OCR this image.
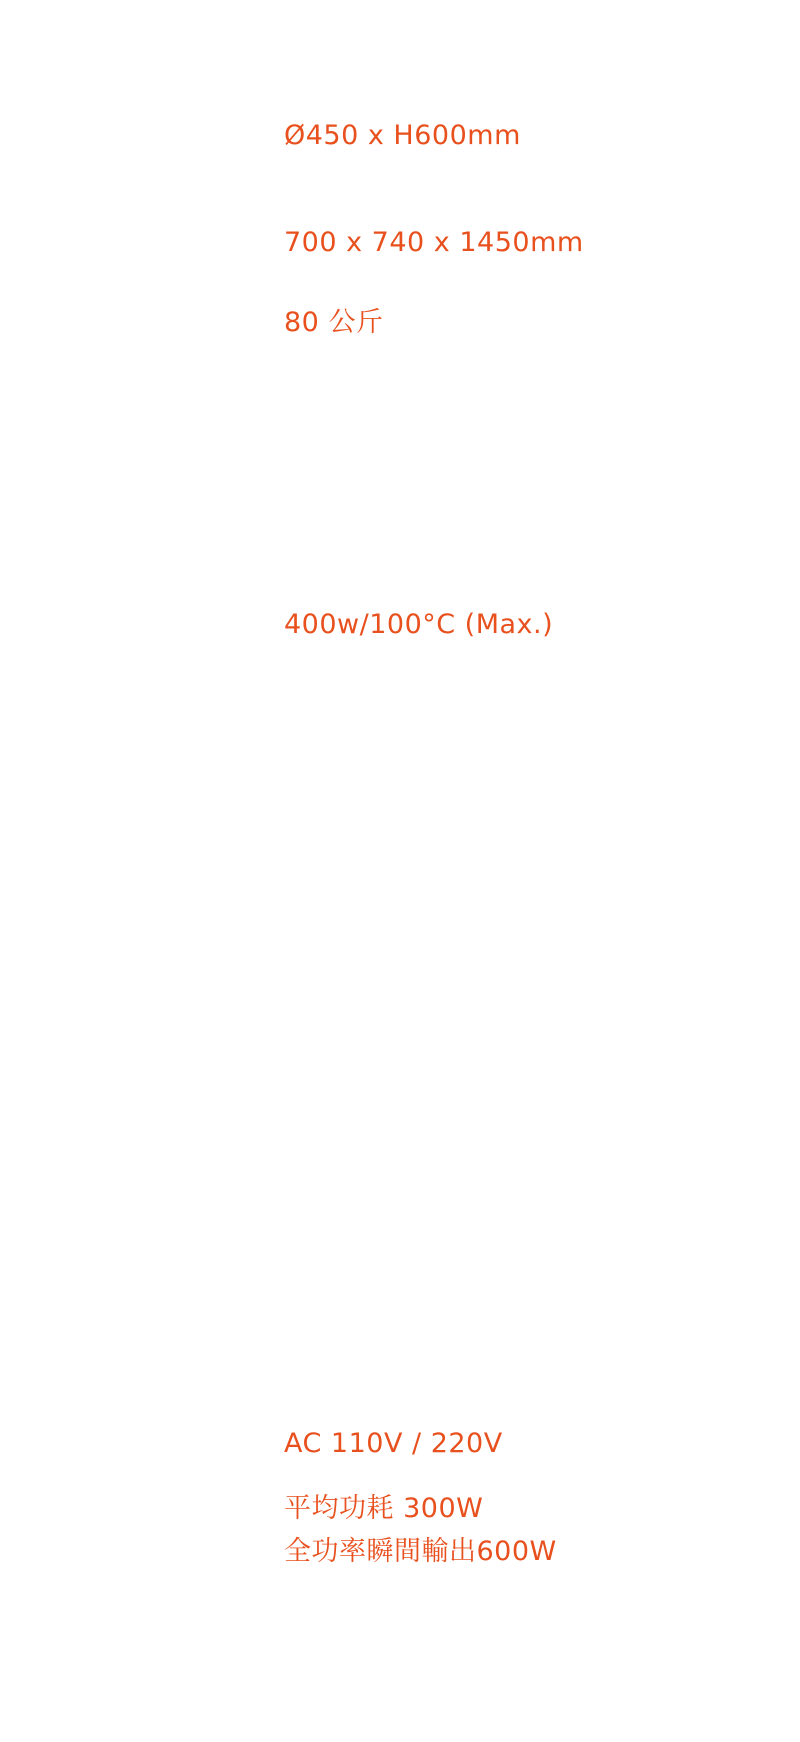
Ø450 x H600mm

700 x 740 x 1450mm

80 公斤

400w/100°C (Max.)

AC 110V / 220V

平均功耗 300W

全功率瞬間輸出600W
